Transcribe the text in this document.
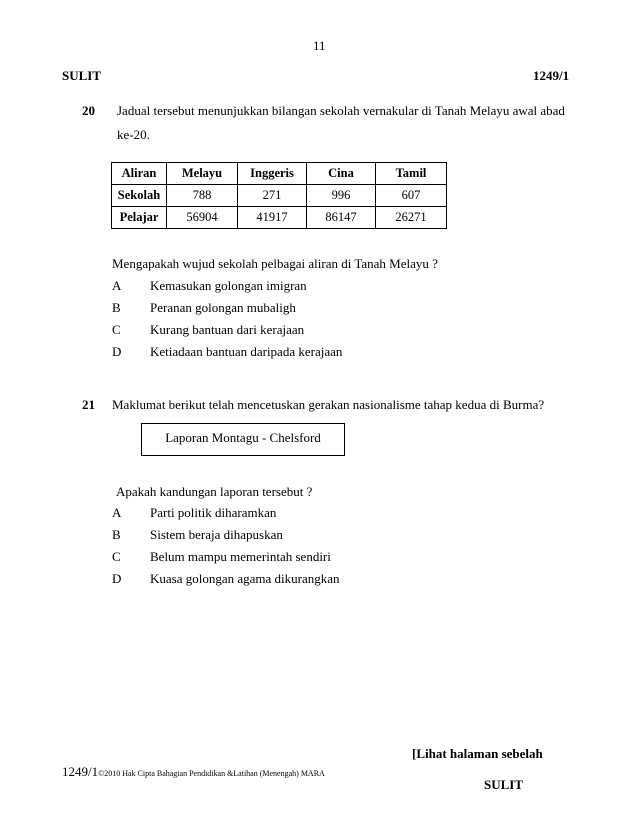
11
SULIT	1249/1
20 Jadual tersebut menunjukkan bilangan sekolah vernakular di Tanah Melayu awal abad
ke-20.
Aliran	Melayu	Inggeris	Cina	Tamil
Sekolah	788	271	996	607
Pelajar	56904	41917	86147	26271
Mengapakah wujud sekolah pelbagai aliran di Tanah Melayu ?
A Kemasukan golongan imigran
B Peranan golongan mubaligh
C Kurang bantuan dari kerajaan
D Ketiadaan bantuan daripada kerajaan
21 Maklumat berikut telah mencetuskan gerakan nasionalisme tahap kedua di Burma?
Laporan Montagu - Chelsford
Apakah kandungan laporan tersebut ?
A Parti politik diharamkan
B Sistem beraja dihapuskan
C Belum mampu memerintah sendiri
D Kuasa golongan agama dikurangkan
[Lihat halaman sebelah
1249/1©2010 Hak Cipta Bahagian Pendidikan &Latihan (Menengah) MARA
SULIT
